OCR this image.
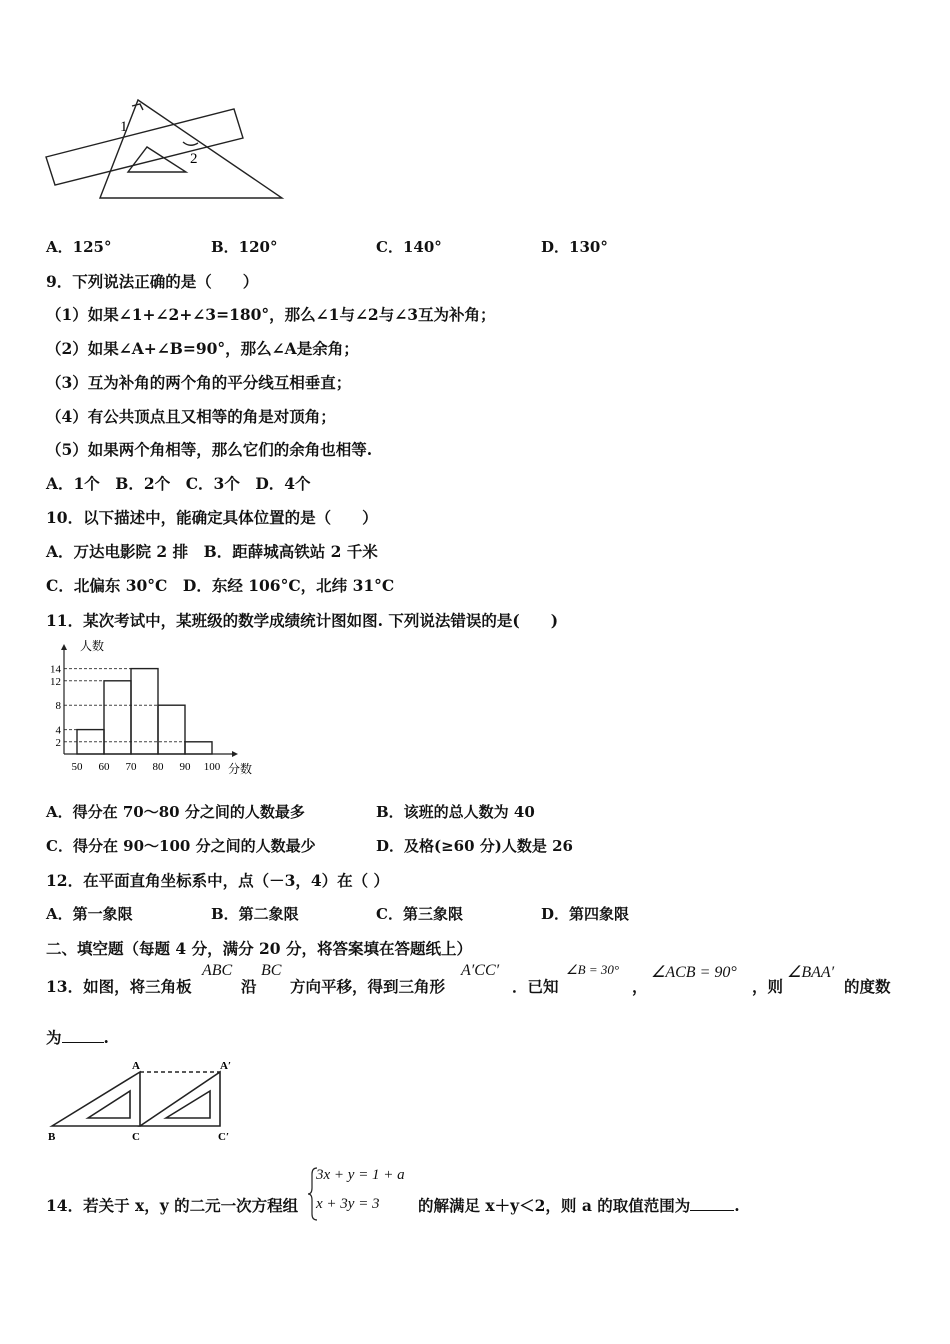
1
2
A．125°	B．120°	C．140°	D．130°
9．下列说法正确的是（　　）
（1）如果∠1+∠2+∠3=180°，那么∠1与∠2与∠3互为补角；
（2）如果∠A+∠B=90°，那么∠A是余角；
（3）互为补角的两个角的平分线互相垂直；
（4）有公共顶点且又相等的角是对顶角；
（5）如果两个角相等，那么它们的余角也相等.
A．1个　B．2个　C．3个　D．4个
10．以下描述中，能确定具体位置的是（　　）
A．万达电影院 2 排　B．距薛城高铁站 2 千米
C．北偏东 30°C　D．东经 106°C，北纬 31°C
11．某次考试中，某班级的数学成绩统计图如图. 下列说法错误的是(　　)
2
4
8
12
14
50 60 70 80 90 100
人数
分数
A．得分在 70～80 分之间的人数最多	B．该班的总人数为 40
C．得分在 90～100 分之间的人数最少	D．及格(≥60 分)人数是 26
12．在平面直角坐标系中，点（－3，4）在（ ）
A．第一象限	B．第二象限	C．第三象限	D．第四象限
二、填空题（每题 4 分，满分 20 分，将答案填在答题纸上）
13．如图，将三角板
ABC
沿
BC
方向平移，得到三角形
A′CC′
．已知
∠B = 30°
，
∠ACB = 90°
，则
∠BAA′
的度数
为	.
A	A′
B	C	C′
14．若关于 x，y 的二元一次方程组
3x + y = 1 + a
x + 3y = 3 的解满足 x＋y＜2，则 a 的取值范围为	.
